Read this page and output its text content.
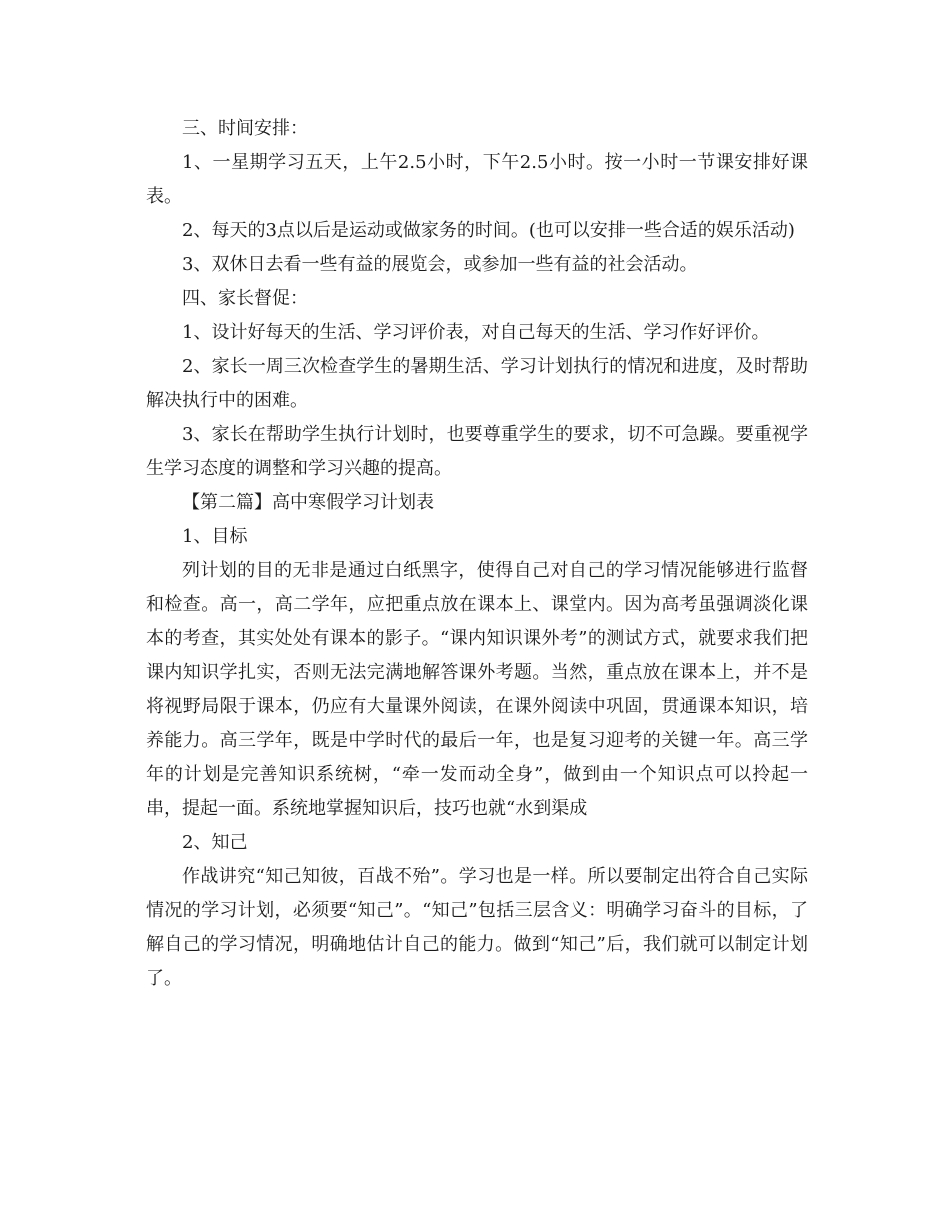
三、时间安排：

1、一星期学习五天，上午2.5小时，下午2.5小时。按一小时一节课安排好课表。

2、每天的3点以后是运动或做家务的时间。(也可以安排一些合适的娱乐活动)

3、双休日去看一些有益的展览会，或参加一些有益的社会活动。

四、家长督促：

1、设计好每天的生活、学习评价表，对自己每天的生活、学习作好评价。

2、家长一周三次检查学生的暑期生活、学习计划执行的情况和进度，及时帮助解决执行中的困难。

3、家长在帮助学生执行计划时，也要尊重学生的要求，切不可急躁。要重视学生学习态度的调整和学习兴趣的提高。

【第二篇】高中寒假学习计划表

1、目标

列计划的目的无非是通过白纸黑字，使得自己对自己的学习情况能够进行监督和检查。高一，高二学年，应把重点放在课本上、课堂内。因为高考虽强调淡化课本的考查，其实处处有课本的影子。“课内知识课外考”的测试方式，就要求我们把课内知识学扎实，否则无法完满地解答课外考题。当然，重点放在课本上，并不是将视野局限于课本，仍应有大量课外阅读，在课外阅读中巩固，贯通课本知识，培养能力。高三学年，既是中学时代的最后一年，也是复习迎考的关键一年。高三学年的计划是完善知识系统树，“牵一发而动全身”，做到由一个知识点可以拎起一串，提起一面。系统地掌握知识后，技巧也就“水到渠成

2、知己

作战讲究“知己知彼，百战不殆”。学习也是一样。所以要制定出符合自己实际情况的学习计划，必须要“知己”。“知己”包括三层含义：明确学习奋斗的目标，了解自己的学习情况，明确地估计自己的能力。做到“知己”后，我们就可以制定计划了。
